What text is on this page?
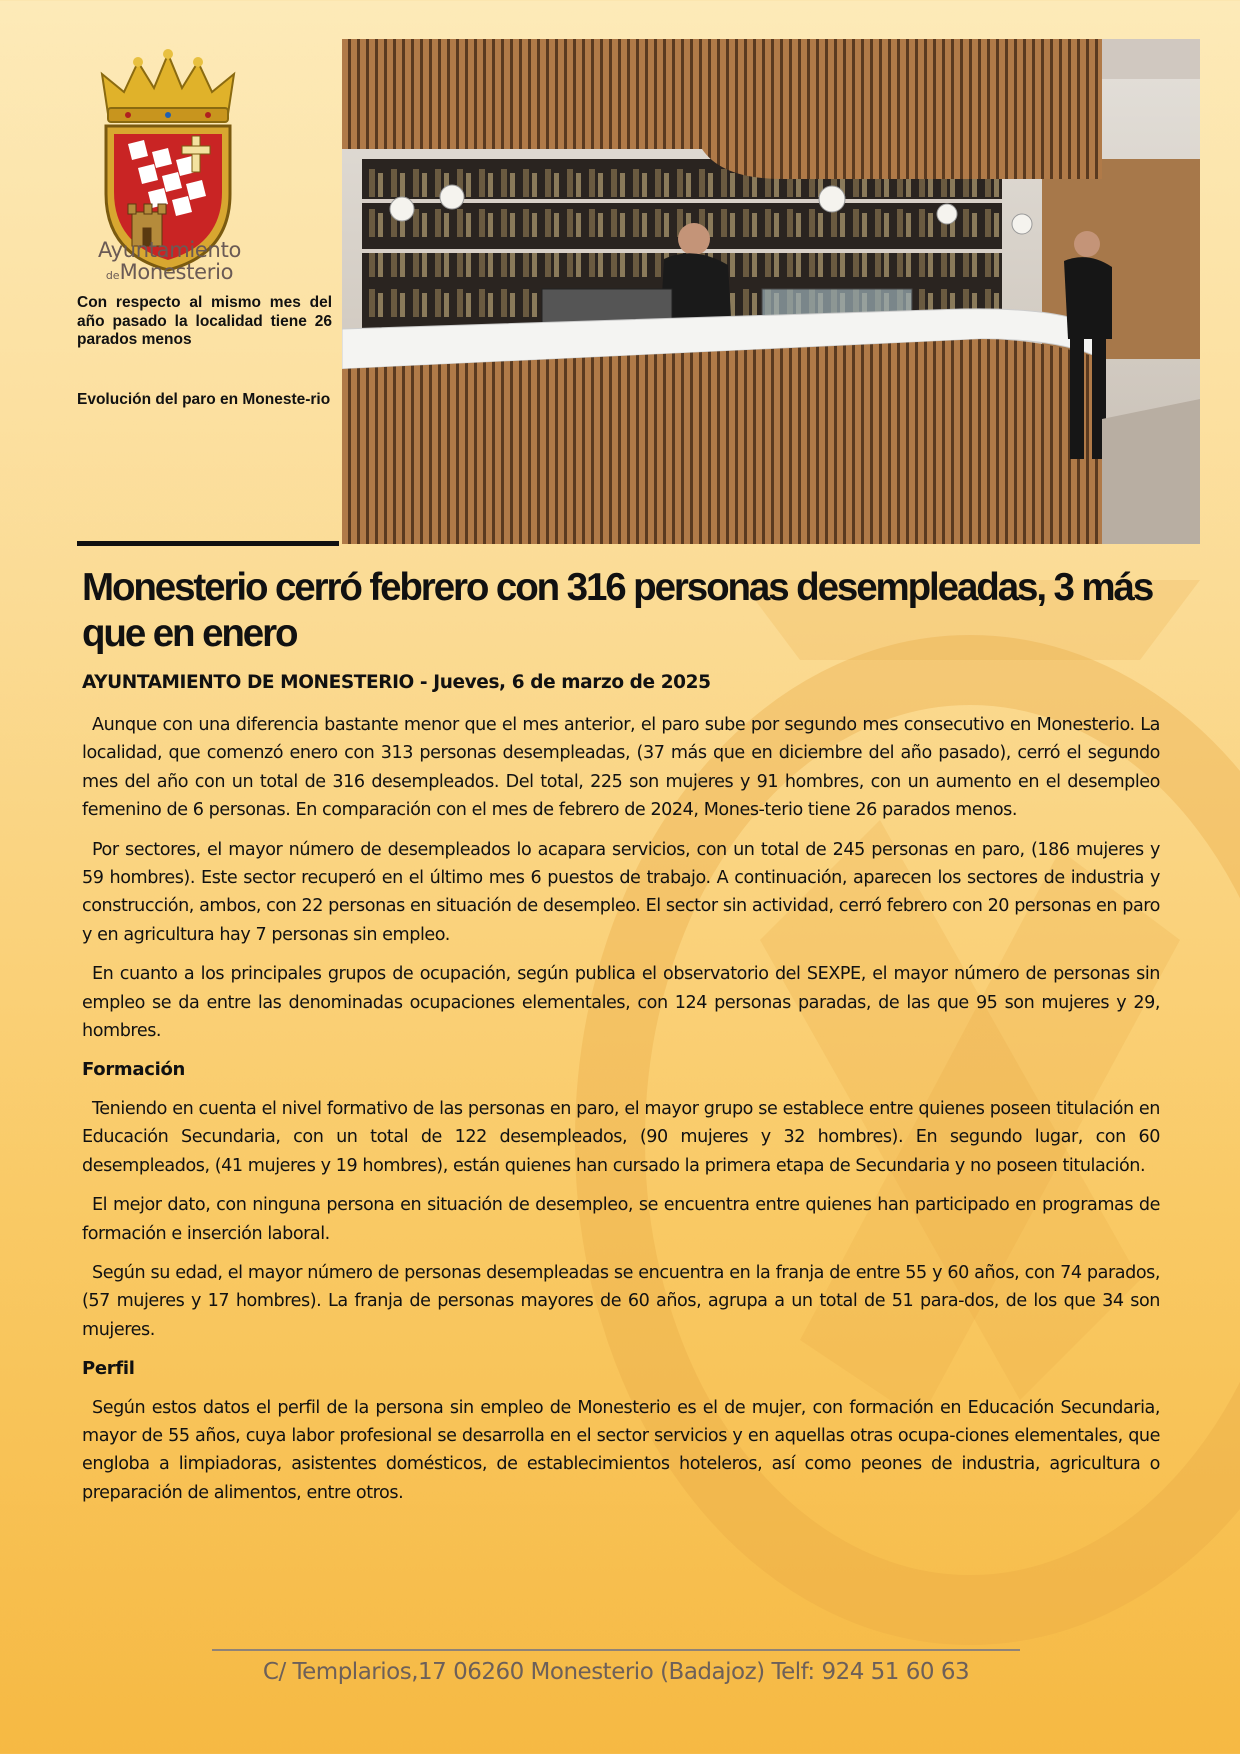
Ayuntamiento
deMonesterio
Con respecto al mismo mes del año pasado la localidad tiene 26 parados menos
Evolución del paro en Moneste-rio
Monesterio cerró febrero con 316 personas desempleadas, 3 más que en enero
AYUNTAMIENTO DE MONESTERIO - Jueves, 6 de marzo de 2025

Aunque con una diferencia bastante menor que el mes anterior, el paro sube por segundo mes consecutivo en Monesterio. La localidad, que comenzó enero con 313 personas desempleadas, (37 más que en diciembre del año pasado), cerró el segundo mes del año con un total de 316 desempleados. Del total, 225 son mujeres y 91 hombres, con un aumento en el desempleo femenino de 6 personas. En comparación con el mes de febrero de 2024, Mones-terio tiene 26 parados menos.

Por sectores, el mayor número de desempleados lo acapara servicios, con un total de 245 personas en paro, (186 mujeres y 59 hombres). Este sector recuperó en el último mes 6 puestos de trabajo. A continuación, aparecen los sectores de industria y construcción, ambos, con 22 personas en situación de desempleo. El sector sin actividad, cerró febrero con 20 personas en paro y en agricultura hay 7 personas sin empleo.

En cuanto a los principales grupos de ocupación, según publica el observatorio del SEXPE, el mayor número de personas sin empleo se da entre las denominadas ocupaciones elementales, con 124 personas paradas, de las que 95 son mujeres y 29, hombres.

Formación

Teniendo en cuenta el nivel formativo de las personas en paro, el mayor grupo se establece entre quienes poseen titulación en Educación Secundaria, con un total de 122 desempleados, (90 mujeres y 32 hombres). En segundo lugar, con 60 desempleados, (41 mujeres y 19 hombres), están quienes han cursado la primera etapa de Secundaria y no poseen titulación.

El mejor dato, con ninguna persona en situación de desempleo, se encuentra entre quienes han participado en programas de formación e inserción laboral.

Según su edad, el mayor número de personas desempleadas se encuentra en la franja de entre 55 y 60 años, con 74 parados, (57 mujeres y 17 hombres). La franja de personas mayores de 60 años, agrupa a un total de 51 para-dos, de los que 34 son mujeres.

Perfil

Según estos datos el perfil de la persona sin empleo de Monesterio es el de mujer, con formación en Educación Secundaria, mayor de 55 años, cuya labor profesional se desarrolla en el sector servicios y en aquellas otras ocupa-ciones elementales, que engloba a limpiadoras, asistentes domésticos, de establecimientos hoteleros, así como peones de industria, agricultura o preparación de alimentos, entre otros.

C/ Templarios,17 06260 Monesterio (Badajoz) Telf: 924 51 60 63
